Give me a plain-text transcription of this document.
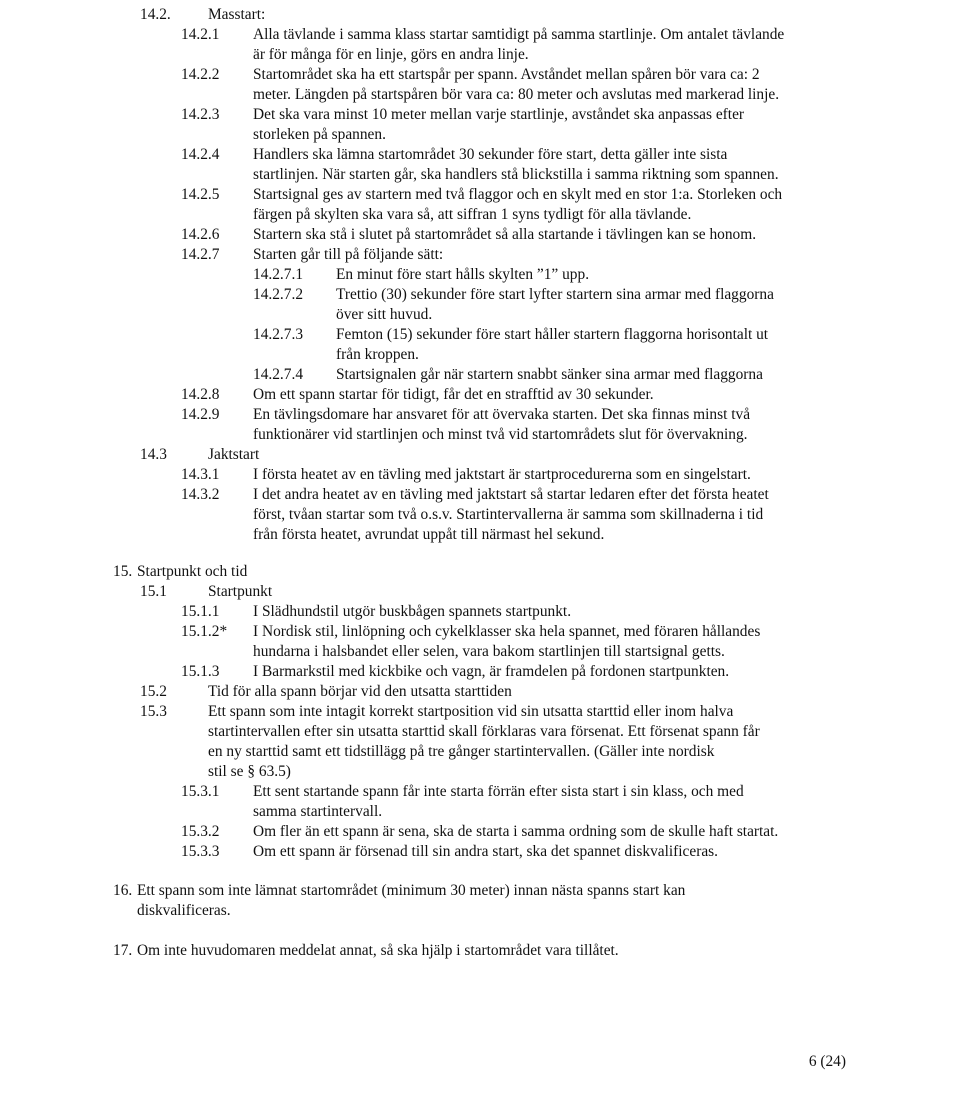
14.2. Masstart:
14.2.1 Alla tävlande i samma klass startar samtidigt på samma startlinje. Om antalet tävlande
är för många för en linje, görs en andra linje.
14.2.2 Startområdet ska ha ett startspår per spann. Avståndet mellan spåren bör vara ca: 2
meter. Längden på startspåren bör vara ca: 80 meter och avslutas med markerad linje.
14.2.3 Det ska vara minst 10 meter mellan varje startlinje, avståndet ska anpassas efter
storleken på spannen.
14.2.4 Handlers ska lämna startområdet 30 sekunder före start, detta gäller inte sista
startlinjen. När starten går, ska handlers stå blickstilla i samma riktning som spannen.
14.2.5 Startsignal ges av startern med två flaggor och en skylt med en stor 1:a. Storleken och
färgen på skylten ska vara så, att siffran 1 syns tydligt för alla tävlande.
14.2.6 Startern ska stå i slutet på startområdet så alla startande i tävlingen kan se honom.
14.2.7 Starten går till på följande sätt:
14.2.7.1 En minut före start hålls skylten ”1” upp.
14.2.7.2 Trettio (30) sekunder före start lyfter startern sina armar med flaggorna
över sitt huvud.
14.2.7.3 Femton (15) sekunder före start håller startern flaggorna horisontalt ut
från kroppen.
14.2.7.4 Startsignalen går när startern snabbt sänker sina armar med flaggorna
14.2.8 Om ett spann startar för tidigt, får det en strafftid av 30 sekunder.
14.2.9 En tävlingsdomare har ansvaret för att övervaka starten. Det ska finnas minst två
funktionärer vid startlinjen och minst två vid startområdets slut för övervakning.
14.3	Jaktstart
14.3.1 I första heatet av en tävling med jaktstart är startprocedurerna som en singelstart.
14.3.2 I det andra heatet av en tävling med jaktstart så startar ledaren efter det första heatet
först, tvåan startar som två o.s.v. Startintervallerna är samma som skillnaderna i tid
från första heatet, avrundat uppåt till närmast hel sekund.
15. Startpunkt och tid
15.1	Startpunkt
15.1.1 I Slädhundstil utgör buskbågen spannets startpunkt.
15.1.2* I Nordisk stil, linlöpning och cykelklasser ska hela spannet, med föraren hållandes
hundarna i halsbandet eller selen, vara bakom startlinjen till startsignal getts.
15.1.3 I Barmarkstil med kickbike och vagn, är framdelen på fordonen startpunkten.
15.2	Tid för alla spann börjar vid den utsatta starttiden
15.3	Ett spann som inte intagit korrekt startposition vid sin utsatta starttid eller inom halva
startintervallen efter sin utsatta starttid skall förklaras vara försenat. Ett försenat spann får
en ny starttid samt ett tidstillägg på tre gånger startintervallen. (Gäller inte nordisk
stil se § 63.5)
15.3.1 Ett sent startande spann får inte starta förrän efter sista start i sin klass, och med
samma startintervall.
15.3.2 Om fler än ett spann är sena, ska de starta i samma ordning som de skulle haft startat.
15.3.3 Om ett spann är försenad till sin andra start, ska det spannet diskvalificeras.
16. Ett spann som inte lämnat startområdet (minimum 30 meter) innan nästa spanns start kan
diskvalificeras.
17. Om inte huvudomaren meddelat annat, så ska hjälp i startområdet vara tillåtet.
6 (24)
